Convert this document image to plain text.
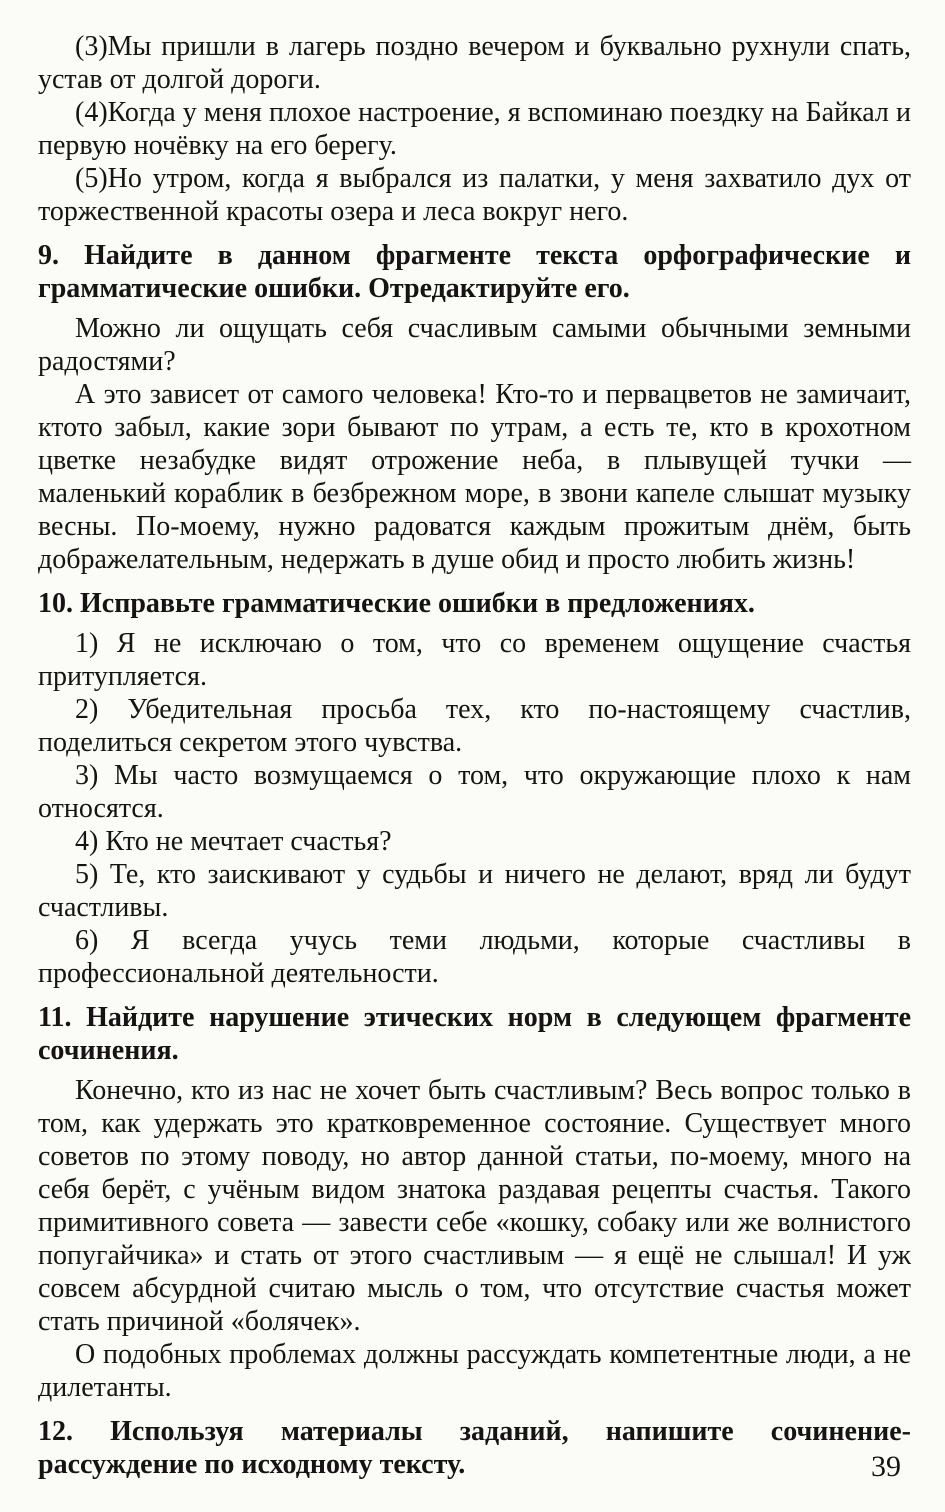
(3)Мы пришли в лагерь поздно вечером и буквально рухнули спать, устав от долгой дороги.

(4)Когда у меня плохое настроение, я вспоминаю поездку на Байкал и первую ночёвку на его берегу.

(5)Но утром, когда я выбрался из палатки, у меня захватило дух от торжественной красоты озера и леса вокруг него.

9. Найдите в данном фрагменте текста орфографические и грамматические ошибки. Отредактируйте его.

Можно ли ощущать себя счасливым самыми обычными земными радостями?

А это зависет от самого человека! Кто-то и первацветов не замичаит, ктото забыл, какие зори бывают по утрам, а есть те, кто в крохотном цветке незабудке видят отрожение неба, в плывущей тучки — маленький кораблик в безбрежном море, в звони капеле слышат музыку весны. По-моему, нужно радоватся каждым прожитым днём, быть дображелательным, недержать в душе обид и просто любить жизнь!

10. Исправьте грамматические ошибки в предложениях.

1) Я не исключаю о том, что со временем ощущение счастья притупляется.

2) Убедительная просьба тех, кто по-настоящему счастлив, поделиться секретом этого чувства.

3) Мы часто возмущаемся о том, что окружающие плохо к нам относятся.

4) Кто не мечтает счастья?

5) Те, кто заискивают у судьбы и ничего не делают, вряд ли будут счастливы.

6) Я всегда учусь теми людьми, которые счастливы в профессиональной деятельности.

11. Найдите нарушение этических норм в следующем фрагменте сочинения.

Конечно, кто из нас не хочет быть счастливым? Весь вопрос только в том, как удержать это кратковременное состояние. Существует много советов по этому поводу, но автор данной статьи, по-моему, много на себя берёт, с учёным видом знатока раздавая рецепты счастья. Такого примитивного совета — завести себе «кошку, собаку или же волнистого попугайчика» и стать от этого счастливым — я ещё не слышал! И уж совсем абсурдной считаю мысль о том, что отсутствие счастья может стать причиной «болячек».

О подобных проблемах должны рассуждать компетентные люди, а не дилетанты.

12. Используя материалы заданий, напишите сочинение-рассуждение по исходному тексту.	39
